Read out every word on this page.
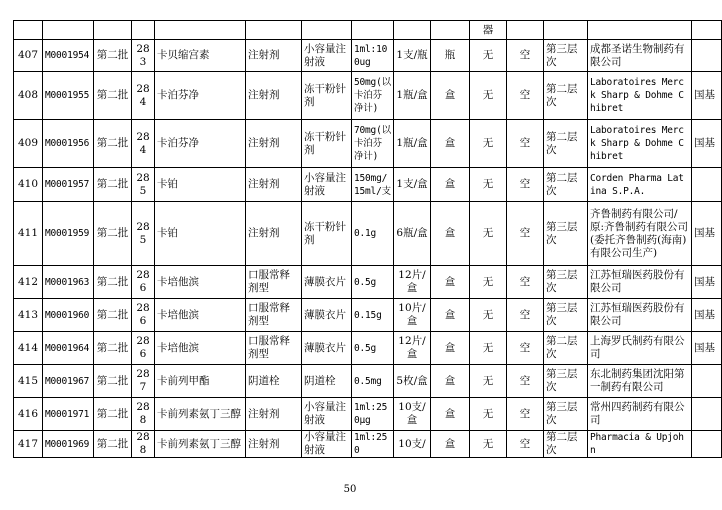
										器				
407	M0001954	第二批	283	卡贝缩宫素	注射剂	小容量注射液	1ml:100ug	1支/瓶	瓶	无	空	第三层次	成都圣诺生物制药有限公司	
408	M0001955	第二批	284	卡泊芬净	注射剂	冻干粉针剂	50mg(以卡泊芬净计)	1瓶/盒	盒	无	空	第二层次	Laboratoires Merck Sharp & Dohme Chibret	国基
409	M0001956	第二批	284	卡泊芬净	注射剂	冻干粉针剂	70mg(以卡泊芬净计)	1瓶/盒	盒	无	空	第二层次	Laboratoires Merck Sharp & Dohme Chibret	国基
410	M0001957	第二批	285	卡铂	注射剂	小容量注射液	150mg/15ml/支	1支/盒	盒	无	空	第二层次	Corden Pharma Latina S.P.A.	
411	M0001959	第二批	285	卡铂	注射剂	冻干粉针剂	0.1g	6瓶/盒	盒	无	空	第三层次	齐鲁制药有限公司/原:齐鲁制药有限公司(委托齐鲁制药(海南)有限公司生产)	国基
412	M0001963	第二批	286	卡培他滨	口服常释剂型	薄膜衣片	0.5g	12片/盒	盒	无	空	第三层次	江苏恒瑞医药股份有限公司	国基
413	M0001960	第二批	286	卡培他滨	口服常释剂型	薄膜衣片	0.15g	10片/盒	盒	无	空	第三层次	江苏恒瑞医药股份有限公司	国基
414	M0001964	第二批	286	卡培他滨	口服常释剂型	薄膜衣片	0.5g	12片/盒	盒	无	空	第二层次	上海罗氏制药有限公司	国基
415	M0001967	第二批	287	卡前列甲酯	阴道栓	阴道栓	0.5mg	5枚/盒	盒	无	空	第三层次	东北制药集团沈阳第一制药有限公司	
416	M0001971	第二批	288	卡前列素氨丁三醇	注射剂	小容量注射液	1ml:250μg	10支/盒	盒	无	空	第三层次	常州四药制药有限公司	
417	M0001969	第二批	288	卡前列素氨丁三醇	注射剂	小容量注射液	1ml:250	10支/	盒	无	空	第二层次	Pharmacia & Upjohn	
50
